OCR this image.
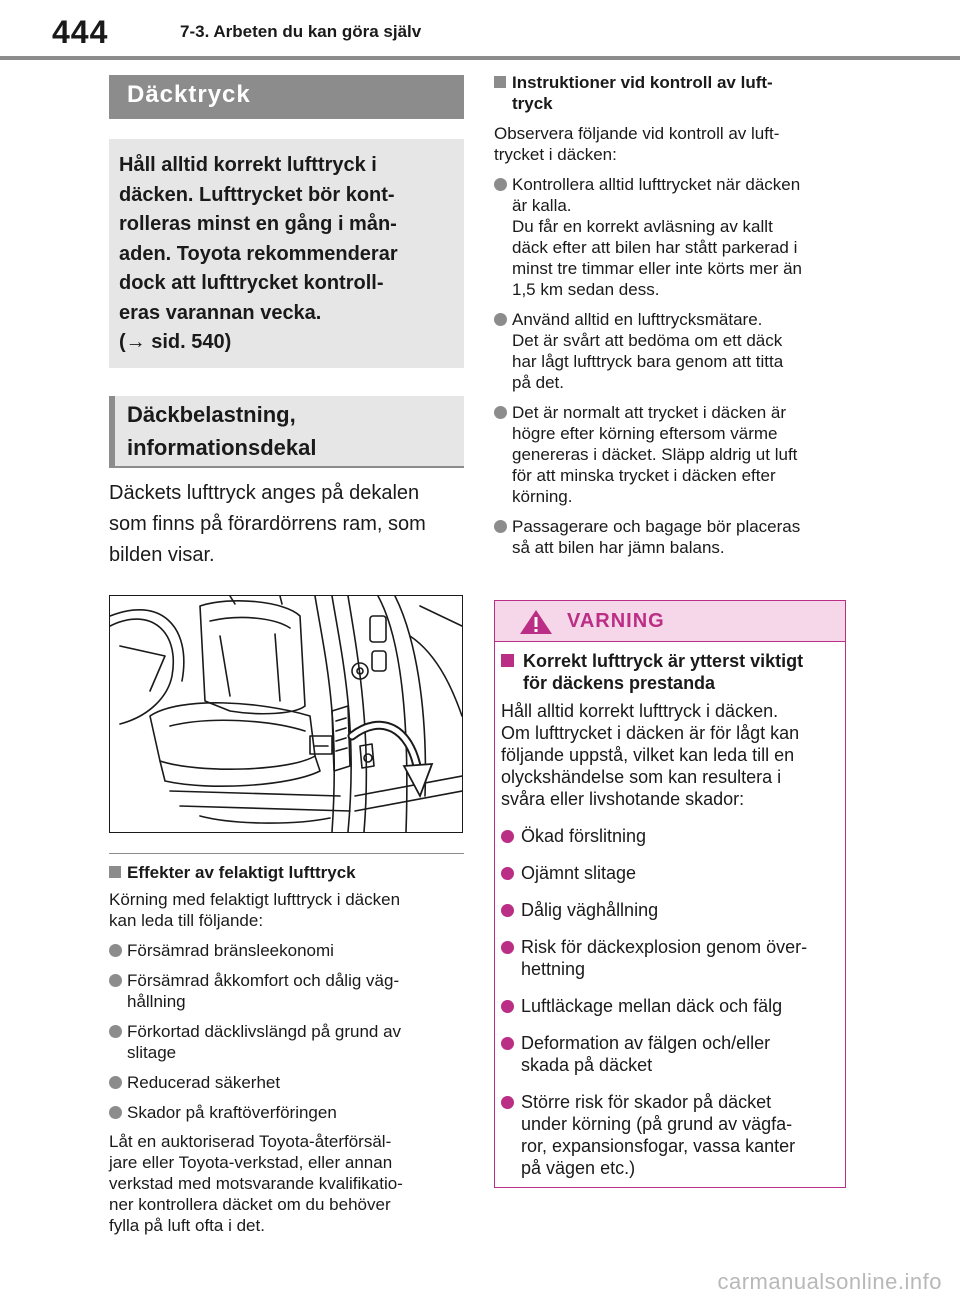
444	7-3. Arbeten du kan göra själv
Däcktryck
Håll alltid korrekt lufttryck i
däcken. Lufttrycket bör kont-
rolleras minst en gång i mån-
aden. Toyota rekommenderar
dock att lufttrycket kontroll-
eras varannan vecka.
(→ sid. 540)
Däckbelastning,
informationsdekal
Däckets lufttryck anges på dekalen
som finns på förardörrens ram, som
bilden visar.
Effekter av felaktigt lufttryck
Körning med felaktigt lufttryck i däcken
kan leda till följande:
Försämrad bränsleekonomi
Försämrad åkkomfort och dålig väg-
hållning
Förkortad däcklivslängd på grund av
slitage
Reducerad säkerhet
Skador på kraftöverföringen
Låt en auktoriserad Toyota-återförsäl-
jare eller Toyota-verkstad, eller annan
verkstad med motsvarande kvalifikatio-
ner kontrollera däcket om du behöver
fylla på luft ofta i det.
Instruktioner vid kontroll av luft-
tryck
Observera följande vid kontroll av luft-
trycket i däcken:
Kontrollera alltid lufttrycket när däcken
är kalla.
Du får en korrekt avläsning av kallt
däck efter att bilen har stått parkerad i
minst tre timmar eller inte körts mer än
1,5 km sedan dess.
Använd alltid en lufttrycksmätare.
Det är svårt att bedöma om ett däck
har lågt lufttryck bara genom att titta
på det.
Det är normalt att trycket i däcken är
högre efter körning eftersom värme
genereras i däcket. Släpp aldrig ut luft
för att minska trycket i däcken efter
körning.
Passagerare och bagage bör placeras
så att bilen har jämn balans.
VARNING
Korrekt lufttryck är ytterst viktigt
för däckens prestanda
Håll alltid korrekt lufttryck i däcken.
Om lufttrycket i däcken är för lågt kan
följande uppstå, vilket kan leda till en
olyckshändelse som kan resultera i
svåra eller livshotande skador:
Ökad förslitning
Ojämnt slitage
Dålig väghållning
Risk för däckexplosion genom över-
hettning
Luftläckage mellan däck och fälg
Deformation av fälgen och/eller
skada på däcket
Större risk för skador på däcket
under körning (på grund av vägfa-
ror, expansionsfogar, vassa kanter
på vägen etc.)
carmanualsonline.info
